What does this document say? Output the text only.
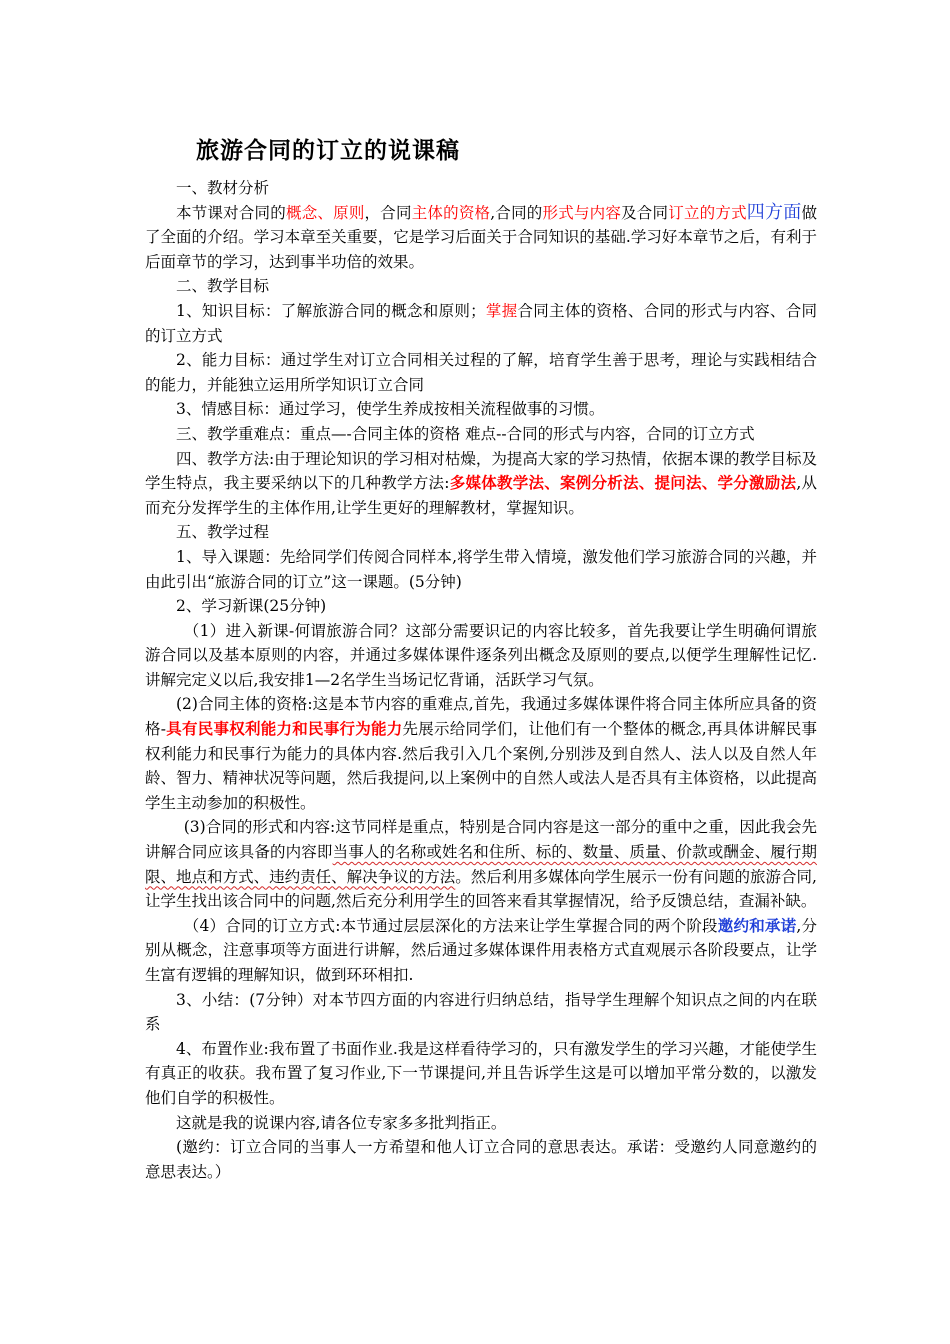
旅游合同的订立的说课稿

一、教材分析

本节课对合同的概念、原则，合同主体的资格,合同的形式与内容及合同订立的方式四方面做了全面的介绍。学习本章至关重要，它是学习后面关于合同知识的基础.学习好本章节之后，有利于后面章节的学习，达到事半功倍的效果。

二、教学目标

1、知识目标：了解旅游合同的概念和原则；掌握合同主体的资格、合同的形式与内容、合同的订立方式

2、能力目标：通过学生对订立合同相关过程的了解，培育学生善于思考，理论与实践相结合的能力，并能独立运用所学知识订立合同

3、情感目标：通过学习，使学生养成按相关流程做事的习惯。

三、教学重难点：重点—-合同主体的资格 难点--合同的形式与内容，合同的订立方式

四、教学方法:由于理论知识的学习相对枯燥，为提高大家的学习热情，依据本课的教学目标及学生特点，我主要采纳以下的几种教学方法:多媒体教学法、案例分析法、提问法、学分激励法,从而充分发挥学生的主体作用,让学生更好的理解教材，掌握知识。

五、教学过程

1、导入课题：先给同学们传阅合同样本,将学生带入情境，激发他们学习旅游合同的兴趣，并由此引出“旅游合同的订立”这一课题。(5分钟)

2、学习新课(25分钟)

（1）进入新课-何谓旅游合同？这部分需要识记的内容比较多，首先我要让学生明确何谓旅游合同以及基本原则的内容，并通过多媒体课件逐条列出概念及原则的要点,以便学生理解性记忆.讲解完定义以后,我安排1—2名学生当场记忆背诵，活跃学习气氛。

(2)合同主体的资格:这是本节内容的重难点,首先，我通过多媒体课件将合同主体所应具备的资格-具有民事权利能力和民事行为能力先展示给同学们，让他们有一个整体的概念,再具体讲解民事权利能力和民事行为能力的具体内容.然后我引入几个案例,分别涉及到自然人、法人以及自然人年龄、智力、精神状况等问题，然后我提问,以上案例中的自然人或法人是否具有主体资格，以此提高学生主动参加的积极性。

(3)合同的形式和内容:这节同样是重点，特别是合同内容是这一部分的重中之重，因此我会先讲解合同应该具备的内容即当事人的名称或姓名和住所、标的、数量、质量、价款或酬金、履行期限、地点和方式、违约责任、解决争议的方法。然后利用多媒体向学生展示一份有问题的旅游合同,让学生找出该合同中的问题,然后充分利用学生的回答来看其掌握情况，给予反馈总结，查漏补缺。

（4）合同的订立方式:本节通过层层深化的方法来让学生掌握合同的两个阶段邀约和承诺,分别从概念，注意事项等方面进行讲解，然后通过多媒体课件用表格方式直观展示各阶段要点，让学生富有逻辑的理解知识，做到环环相扣.

3、小结：(7分钟）对本节四方面的内容进行归纳总结，指导学生理解个知识点之间的内在联系

4、布置作业:我布置了书面作业.我是这样看待学习的，只有激发学生的学习兴趣，才能使学生有真正的收获。我布置了复习作业,下一节课提问,并且告诉学生这是可以增加平常分数的，以激发他们自学的积极性。

这就是我的说课内容,请各位专家多多批判指正。

(邀约：订立合同的当事人一方希望和他人订立合同的意思表达。承诺：受邀约人同意邀约的意思表达。）
